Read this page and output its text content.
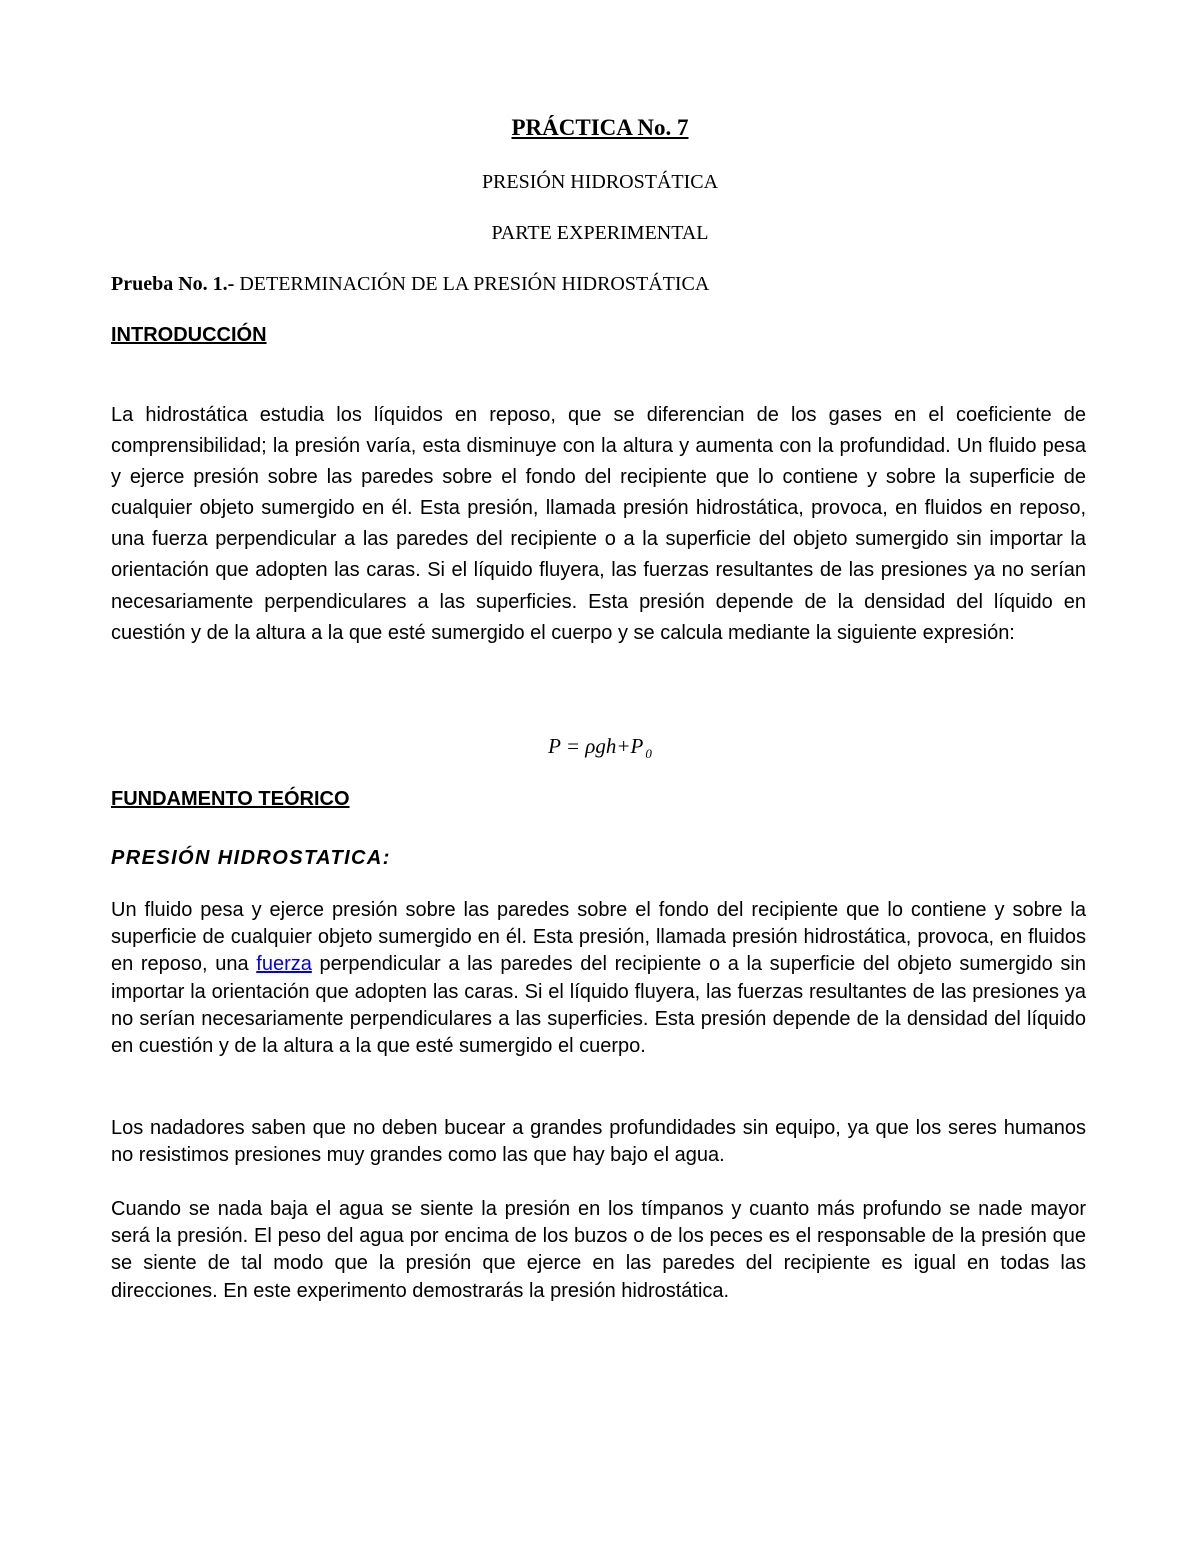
PRÁCTICA No. 7
PRESIÓN HIDROSTÁTICA
PARTE EXPERIMENTAL
Prueba No. 1.- DETERMINACIÓN DE LA PRESIÓN HIDROSTÁTICA
INTRODUCCIÓN

La hidrostática estudia los líquidos en reposo, que se diferencian de los gases en el coeficiente de comprensibilidad; la presión varía, esta disminuye con la altura y aumenta con la profundidad. Un fluido pesa y ejerce presión sobre las paredes sobre el fondo del recipiente que lo contiene y sobre la superficie de cualquier objeto sumergido en él. Esta presión, llamada presión hidrostática, provoca, en fluidos en reposo, una fuerza perpendicular a las paredes del recipiente o a la superficie del objeto sumergido sin importar la orientación que adopten las caras. Si el líquido fluyera, las fuerzas resultantes de las presiones ya no serían necesariamente perpendiculares a las superficies. Esta presión depende de la densidad del líquido en cuestión y de la altura a la que esté sumergido el cuerpo y se calcula mediante la siguiente expresión:

P = ρgh+P $_0$
FUNDAMENTO TEÓRICO
PRESIÓN HIDROSTATICA:

Un fluido pesa y ejerce presión sobre las paredes sobre el fondo del recipiente que lo contiene y sobre la superficie de cualquier objeto sumergido en él. Esta presión, llamada presión hidrostática, provoca, en fluidos en reposo, una fuerza perpendicular a las paredes del recipiente o a la superficie del objeto sumergido sin importar la orientación que adopten las caras. Si el líquido fluyera, las fuerzas resultantes de las presiones ya no serían necesariamente perpendiculares a las superficies. Esta presión depende de la densidad del líquido en cuestión y de la altura a la que esté sumergido el cuerpo.

Los nadadores saben que no deben bucear a grandes profundidades sin equipo, ya que los seres humanos no resistimos presiones muy grandes como las que hay bajo el agua.

Cuando se nada baja el agua se siente la presión en los tímpanos y cuanto más profundo se nade mayor será la presión. El peso del agua por encima de los buzos o de los peces es el responsable de la presión que se siente de tal modo que la presión que ejerce en las paredes del recipiente es igual en todas las direcciones. En este experimento demostrarás la presión hidrostática.
